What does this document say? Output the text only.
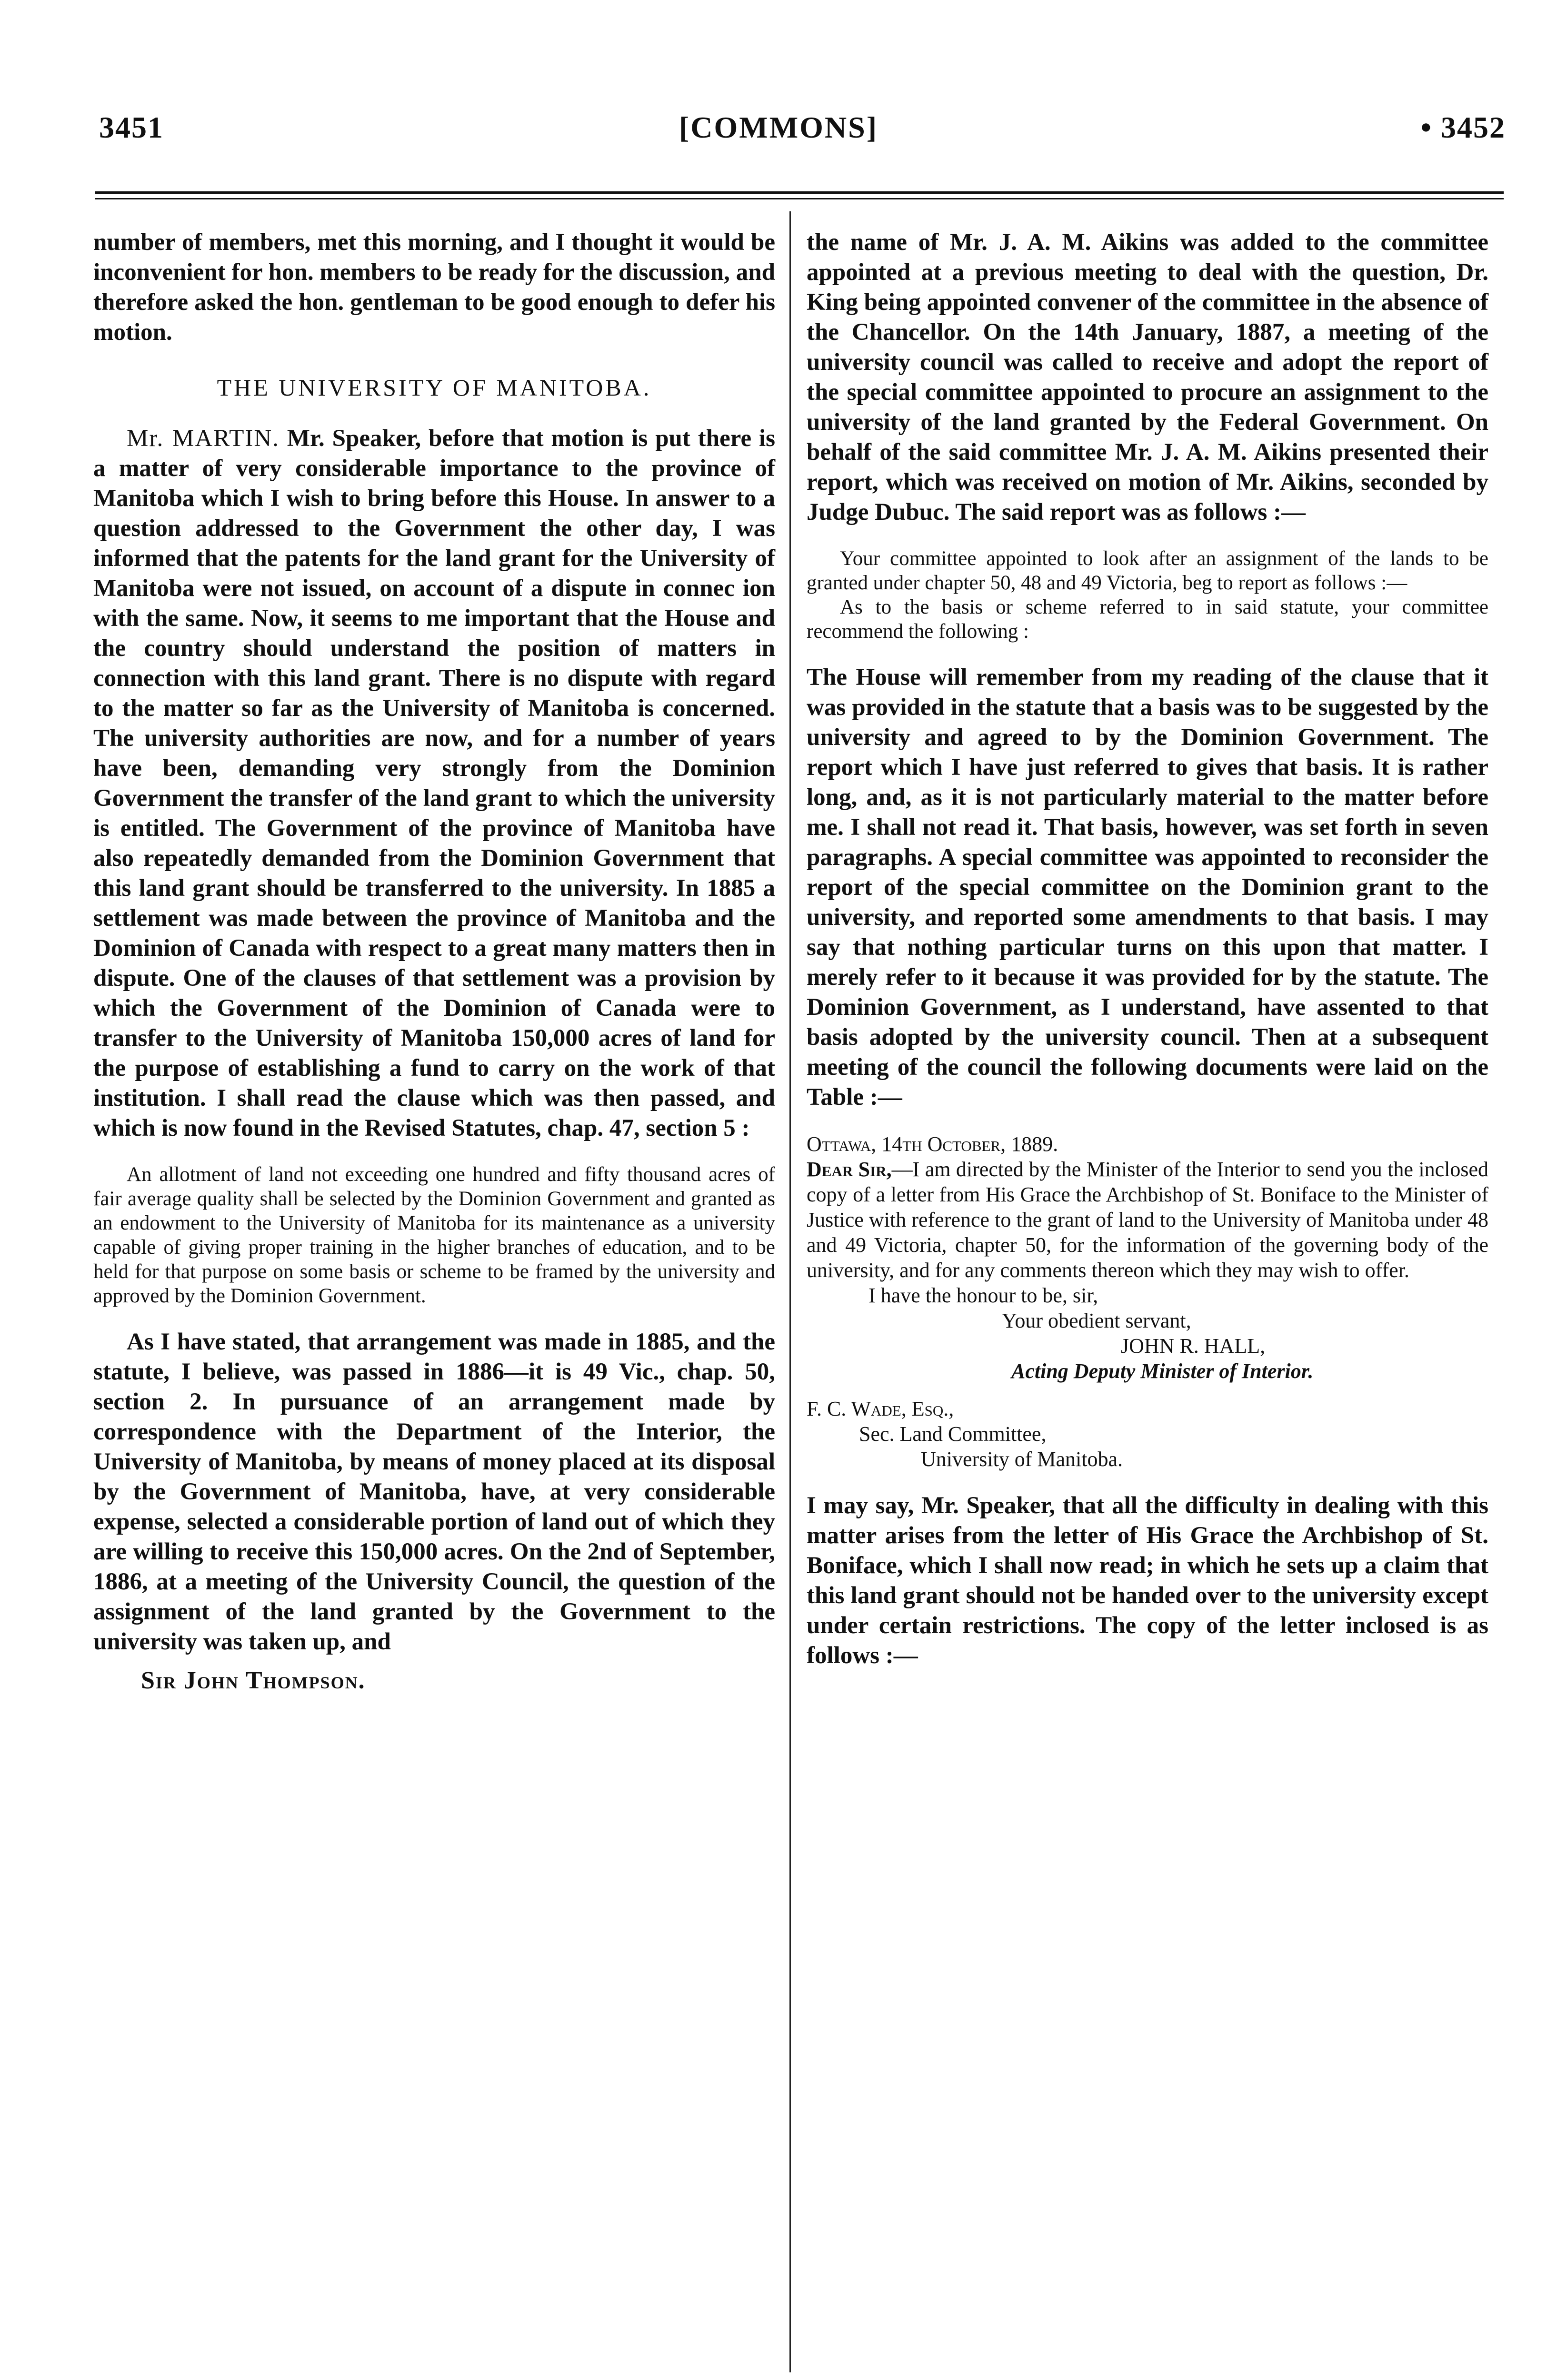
3451	[COMMONS]	• 3452

number of members, met this morning, and I thought it would be inconvenient for hon. members to be ready for the discussion, and therefore asked the hon. gentleman to be good enough to defer his motion.

THE UNIVERSITY OF MANITOBA.

Mr. MARTIN. Mr. Speaker, before that motion is put there is a matter of very considerable importance to the province of Manitoba which I wish to bring before this House. In answer to a question addressed to the Government the other day, I was informed that the patents for the land grant for the University of Manitoba were not issued, on account of a dispute in connec ion with the same. Now, it seems to me important that the House and the country should understand the position of matters in connection with this land grant. There is no dispute with regard to the matter so far as the University of Manitoba is concerned. The university authorities are now, and for a number of years have been, demanding very strongly from the Dominion Government the transfer of the land grant to which the university is entitled. The Government of the province of Manitoba have also repeatedly demanded from the Dominion Government that this land grant should be transferred to the university. In 1885 a settlement was made between the province of Manitoba and the Dominion of Canada with respect to a great many matters then in dispute. One of the clauses of that settlement was a provision by which the Government of the Dominion of Canada were to transfer to the University of Manitoba 150,000 acres of land for the purpose of establishing a fund to carry on the work of that institution. I shall read the clause which was then passed, and which is now found in the Revised Statutes, chap. 47, section 5 :

An allotment of land not exceeding one hundred and fifty thousand acres of fair average quality shall be selected by the Dominion Government and granted as an endowment to the University of Manitoba for its maintenance as a university capable of giving proper training in the higher branches of education, and to be held for that purpose on some basis or scheme to be framed by the university and approved by the Dominion Government.

As I have stated, that arrangement was made in 1885, and the statute, I believe, was passed in 1886—it is 49 Vic., chap. 50, section 2. In pursuance of an arrangement made by correspondence with the Department of the Interior, the University of Manitoba, by means of money placed at its disposal by the Government of Manitoba, have, at very considerable expense, selected a considerable portion of land out of which they are willing to receive this 150,000 acres. On the 2nd of September, 1886, at a meeting of the University Council, the question of the assignment of the land granted by the Government to the university was taken up, and

Sir John Thompson.

the name of Mr. J. A. M. Aikins was added to the committee appointed at a previous meeting to deal with the question, Dr. King being appointed convener of the committee in the absence of the Chancellor. On the 14th January, 1887, a meeting of the university council was called to receive and adopt the report of the special committee appointed to procure an assignment to the university of the land granted by the Federal Government. On behalf of the said committee Mr. J. A. M. Aikins presented their report, which was received on motion of Mr. Aikins, seconded by Judge Dubuc. The said report was as follows :—

Your committee appointed to look after an assignment of the lands to be granted under chapter 50, 48 and 49 Victoria, beg to report as follows :—

As to the basis or scheme referred to in said statute, your committee recommend the following :

The House will remember from my reading of the clause that it was provided in the statute that a basis was to be suggested by the university and agreed to by the Dominion Government. The report which I have just referred to gives that basis. It is rather long, and, as it is not particularly material to the matter before me. I shall not read it. That basis, however, was set forth in seven paragraphs. A special committee was appointed to reconsider the report of the special committee on the Dominion grant to the university, and reported some amendments to that basis. I may say that nothing particular turns on this upon that matter. I merely refer to it because it was provided for by the statute. The Dominion Government, as I understand, have assented to that basis adopted by the university council. Then at a subsequent meeting of the council the following documents were laid on the Table :—

Ottawa, 14th October, 1889.

Dear Sir,—I am directed by the Minister of the Interior to send you the inclosed copy of a letter from His Grace the Archbishop of St. Boniface to the Minister of Justice with reference to the grant of land to the University of Manitoba under 48 and 49 Victoria, chapter 50, for the information of the governing body of the university, and for any comments thereon which they may wish to offer.

I have the honour to be, sir,

Your obedient servant,

JOHN R. HALL,

Acting Deputy Minister of Interior.

F. C. Wade, Esq.,

Sec. Land Committee,

University of Manitoba.

I may say, Mr. Speaker, that all the difficulty in dealing with this matter arises from the letter of His Grace the Archbishop of St. Boniface, which I shall now read; in which he sets up a claim that this land grant should not be handed over to the university except under certain restrictions. The copy of the letter inclosed is as follows :—
